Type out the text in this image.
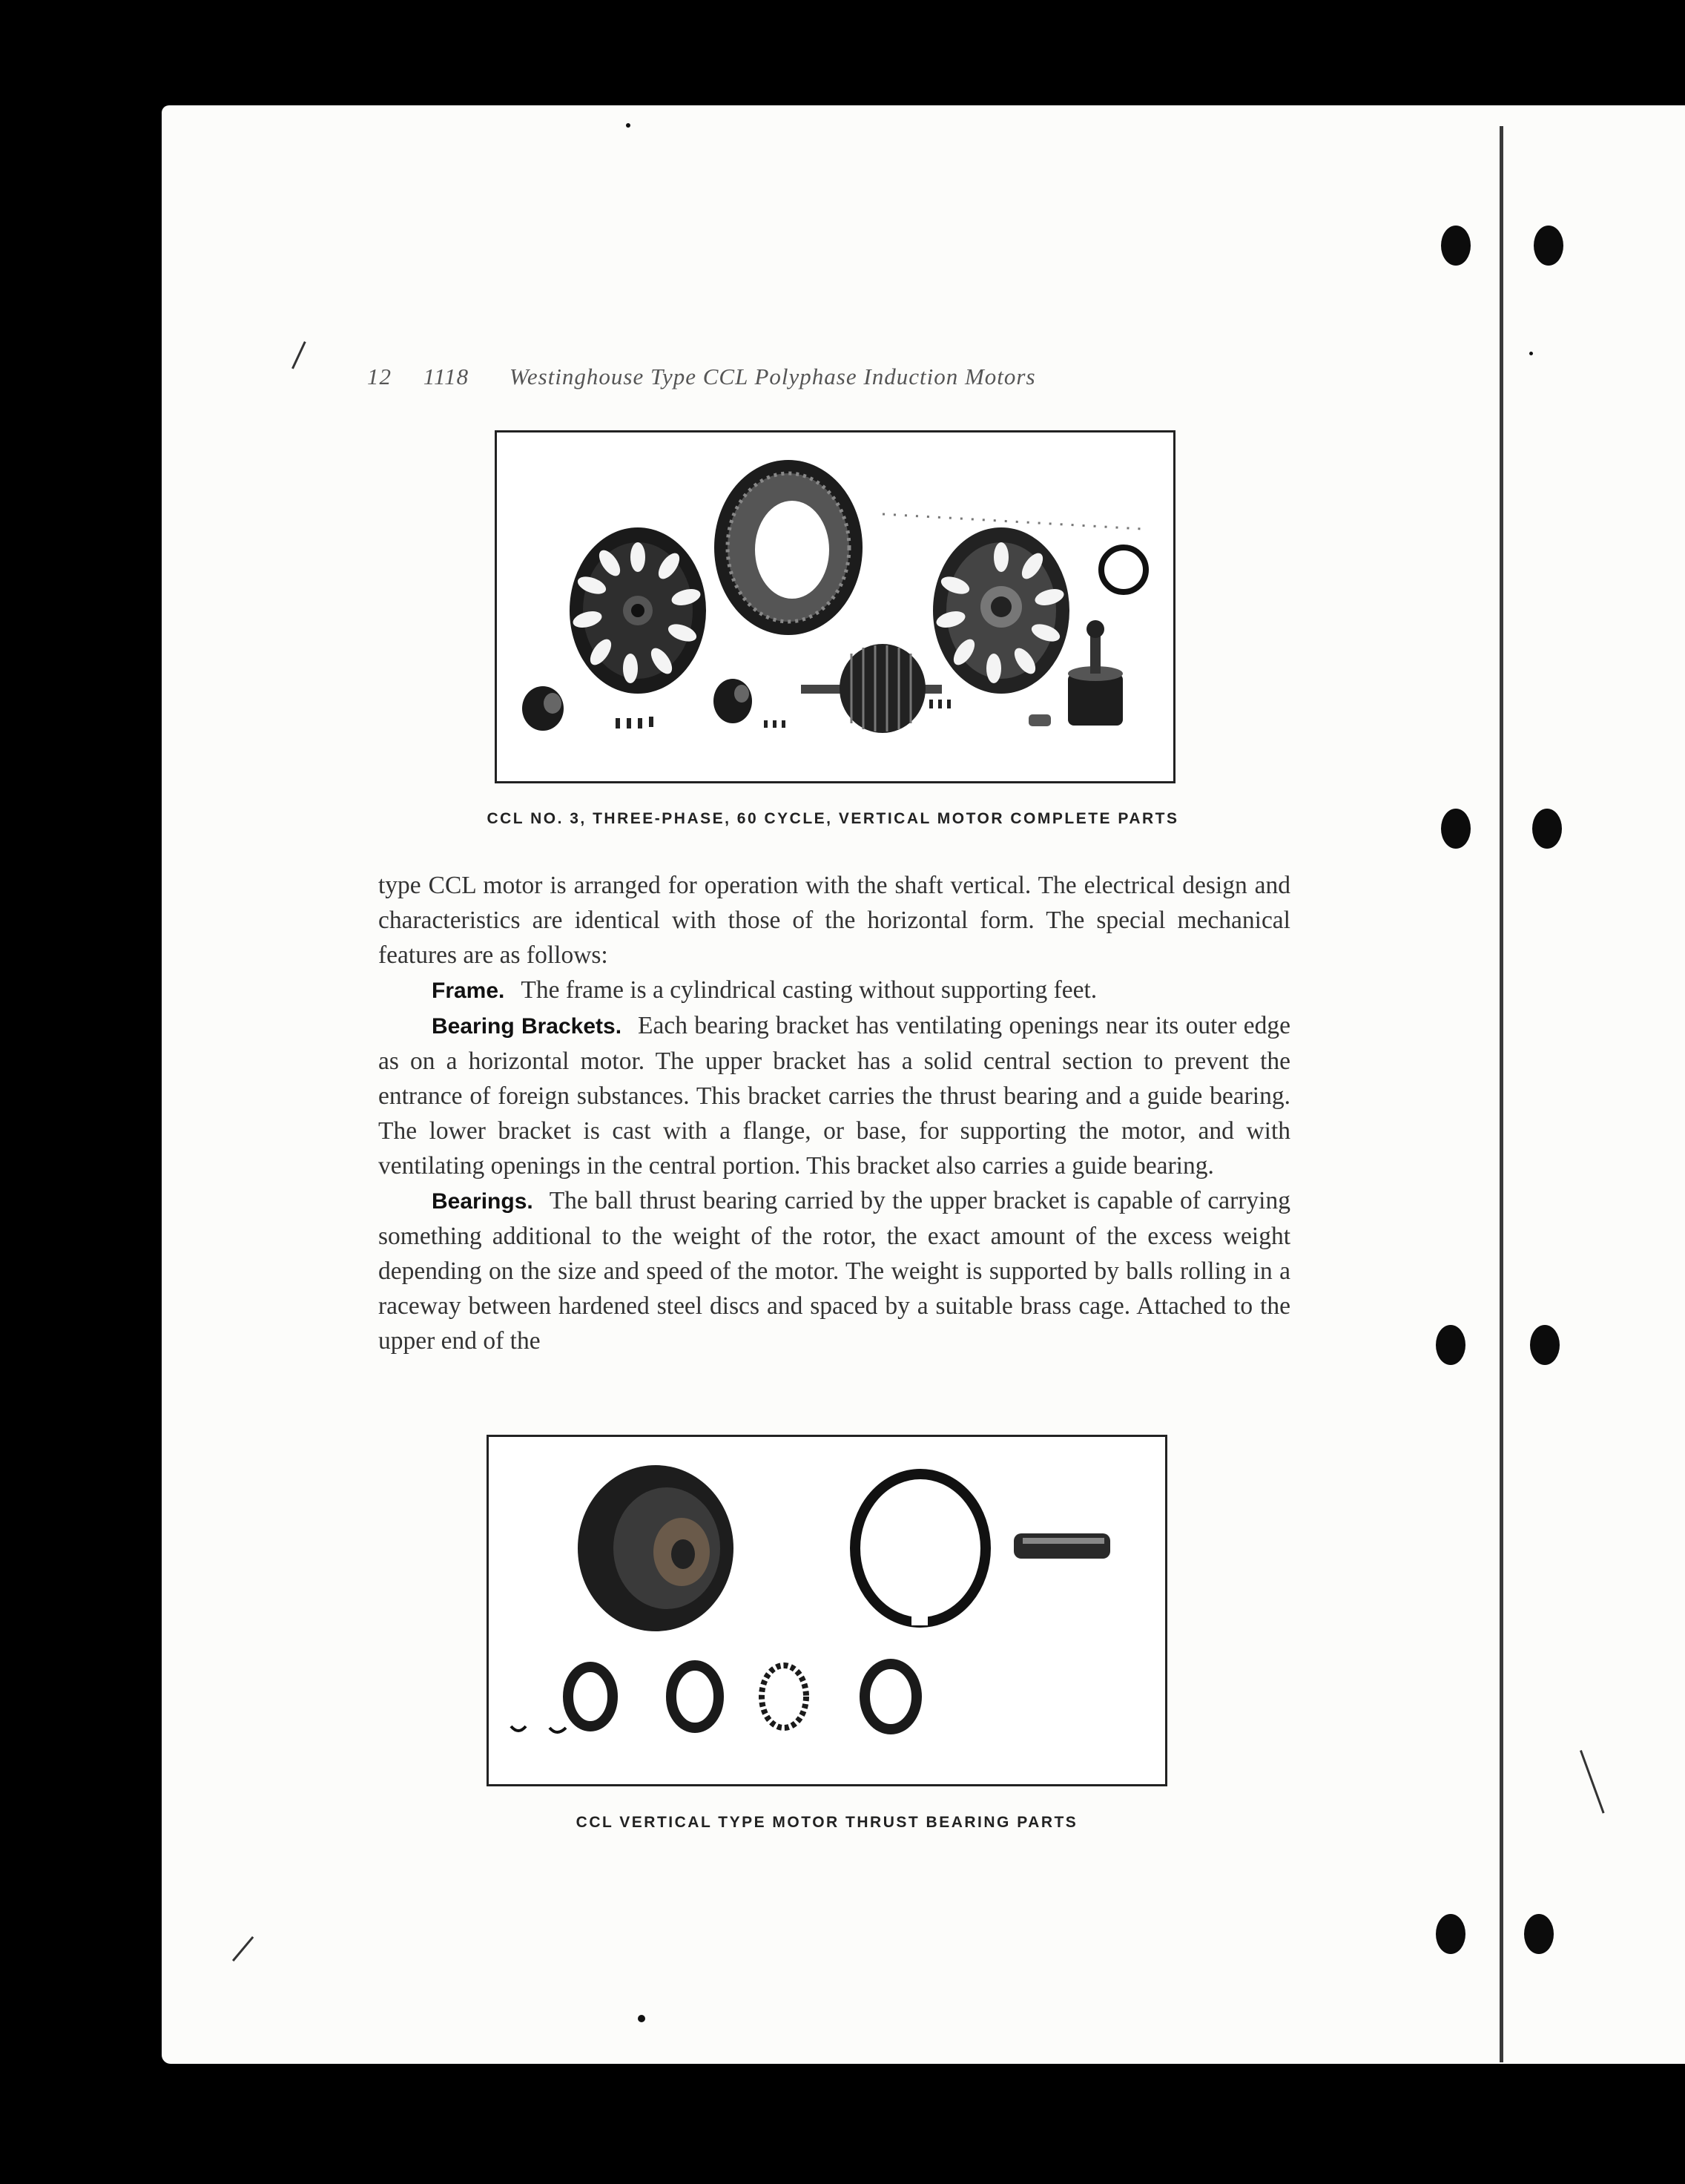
12 1118 Westinghouse Type CCL Polyphase Induction Motors
CCL NO. 3, THREE-PHASE, 60 CYCLE, VERTICAL MOTOR COMPLETE PARTS

type CCL motor is arranged for operation with the shaft vertical. The electrical design and characteristics are identical with those of the horizontal form. The special mechanical features are as follows:

Frame. The frame is a cylindrical casting without supporting feet.

Bearing Brackets. Each bearing bracket has ventilating openings near its outer edge as on a horizontal motor. The upper bracket has a solid central section to prevent the entrance of foreign substances. This bracket carries the thrust bearing and a guide bearing. The lower bracket is cast with a flange, or base, for supporting the motor, and with ventilating openings in the central portion. This bracket also carries a guide bearing.

Bearings. The ball thrust bearing carried by the upper bracket is capable of carrying something additional to the weight of the rotor, the exact amount of the excess weight depending on the size and speed of the motor. The weight is supported by balls rolling in a raceway between hardened steel discs and spaced by a suitable brass cage. Attached to the upper end of the

CCL VERTICAL TYPE MOTOR THRUST BEARING PARTS
